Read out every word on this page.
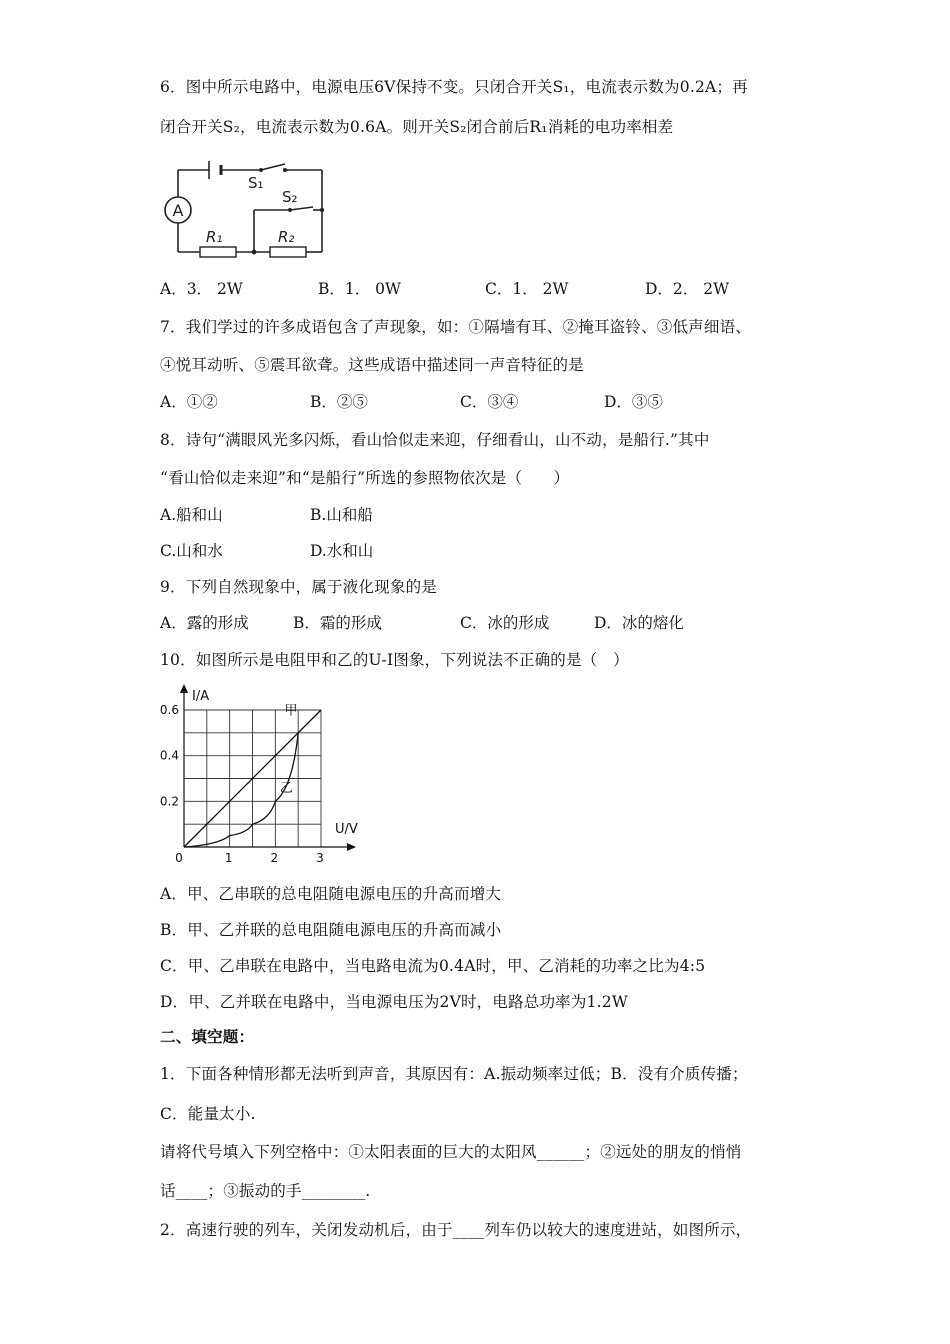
6．图中所示电路中，电源电压6V保持不变。只闭合开关S₁，电流表示数为0.2A；再
闭合开关S₂，电流表示数为0.6A。则开关S₂闭合前后R₁消耗的电功率相差
A
S₁
S₂
R₁	R₂
A．3． 2W	B．1． 0W	C．1． 2W	D．2． 2W
7．我们学过的许多成语包含了声现象，如：①隔墙有耳、②掩耳盗铃、③低声细语、
④悦耳动听、⑤震耳欲聋。这些成语中描述同一声音特征的是
A．①②	B．②⑤	C．③④	D．③⑤
8．诗句“满眼风光多闪烁，看山恰似走来迎，仔细看山，山不动，是船行.”其中
“看山恰似走来迎”和“是船行”所选的参照物依次是（　　）
A.船和山	B.山和船
C.山和水	D.水和山
9．下列自然现象中，属于液化现象的是
A．露的形成	B．霜的形成	C．冰的形成	D．冰的熔化
10．如图所示是电阻甲和乙的U-I图象，下列说法不正确的是（　）
I/A
U/V
0	1	2	3
0.2
0.4
0.6	甲
乙
A．甲、乙串联的总电阻随电源电压的升高而增大
B．甲、乙并联的总电阻随电源电压的升高而减小
C．甲、乙串联在电路中，当电路电流为0.4A时，甲、乙消耗的功率之比为4:5
D．甲、乙并联在电路中，当电源电压为2V时，电路总功率为1.2W
二、填空题：
1．下面各种情形都无法听到声音，其原因有：A.振动频率过低；B．没有介质传播；
C．能量太小.
请将代号填入下列空格中：①太阳表面的巨大的太阳风______；②远处的朋友的悄悄
话____；③振动的手________.
2．高速行驶的列车，关闭发动机后，由于____列车仍以较大的速度进站，如图所示，
